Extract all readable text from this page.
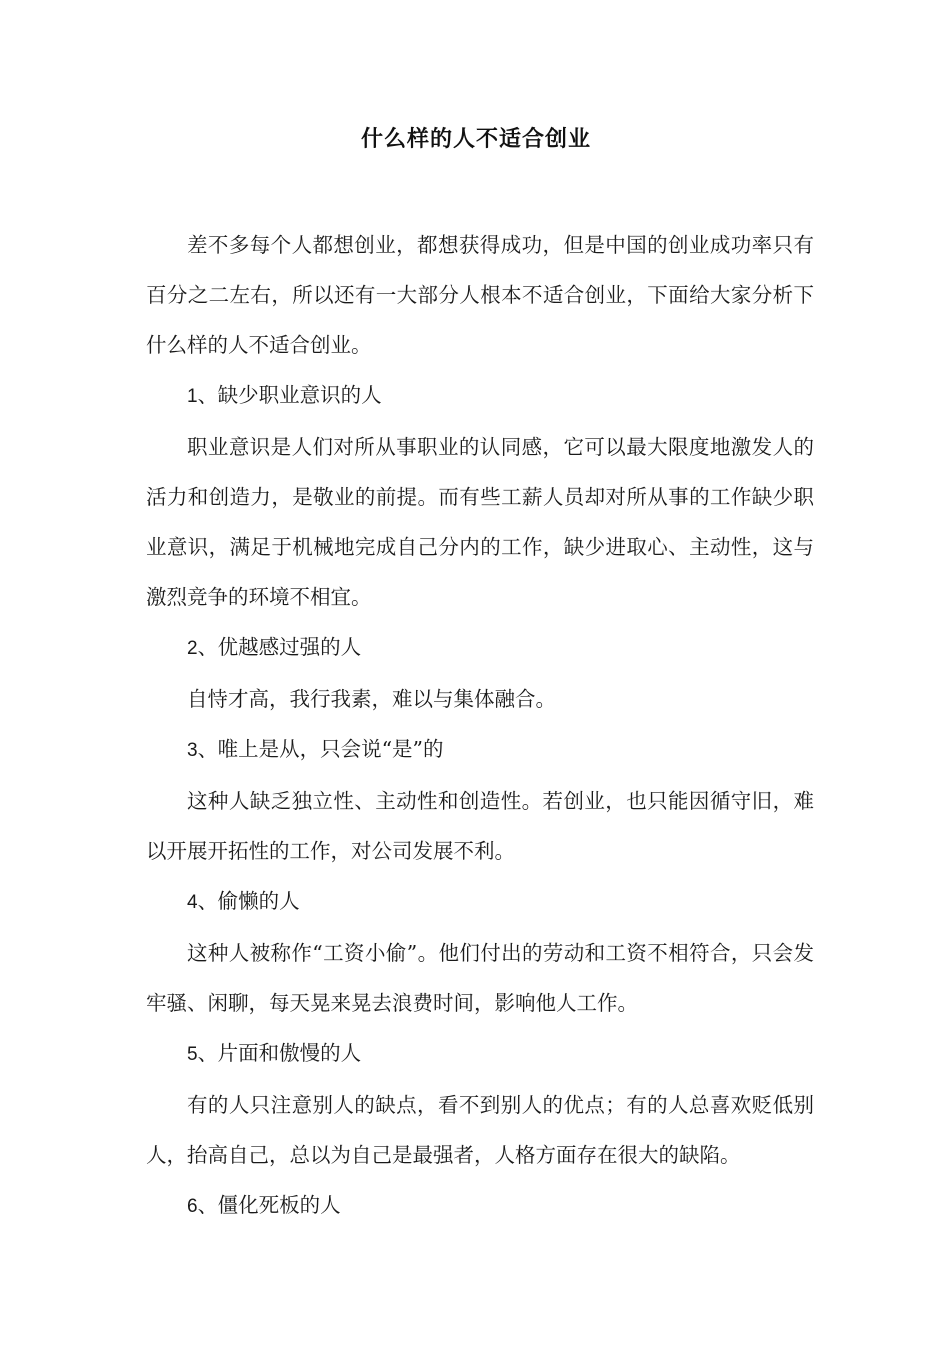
什么样的人不适合创业

差不多每个人都想创业，都想获得成功，但是中国的创业成功率只有百分之二左右，所以还有一大部分人根本不适合创业，下面给大家分析下什么样的人不适合创业。

1、缺少职业意识的人

职业意识是人们对所从事职业的认同感，它可以最大限度地激发人的活力和创造力，是敬业的前提。而有些工薪人员却对所从事的工作缺少职业意识，满足于机械地完成自己分内的工作，缺少进取心、主动性，这与激烈竞争的环境不相宜。

2、优越感过强的人

自恃才高，我行我素，难以与集体融合。

3、唯上是从，只会说“是”的

这种人缺乏独立性、主动性和创造性。若创业，也只能因循守旧，难以开展开拓性的工作，对公司发展不利。

4、偷懒的人

这种人被称作“工资小偷”。他们付出的劳动和工资不相符合，只会发牢骚、闲聊，每天晃来晃去浪费时间，影响他人工作。

5、片面和傲慢的人

有的人只注意别人的缺点，看不到别人的优点；有的人总喜欢贬低别人，抬高自己，总以为自己是最强者，人格方面存在很大的缺陷。

6、僵化死板的人
